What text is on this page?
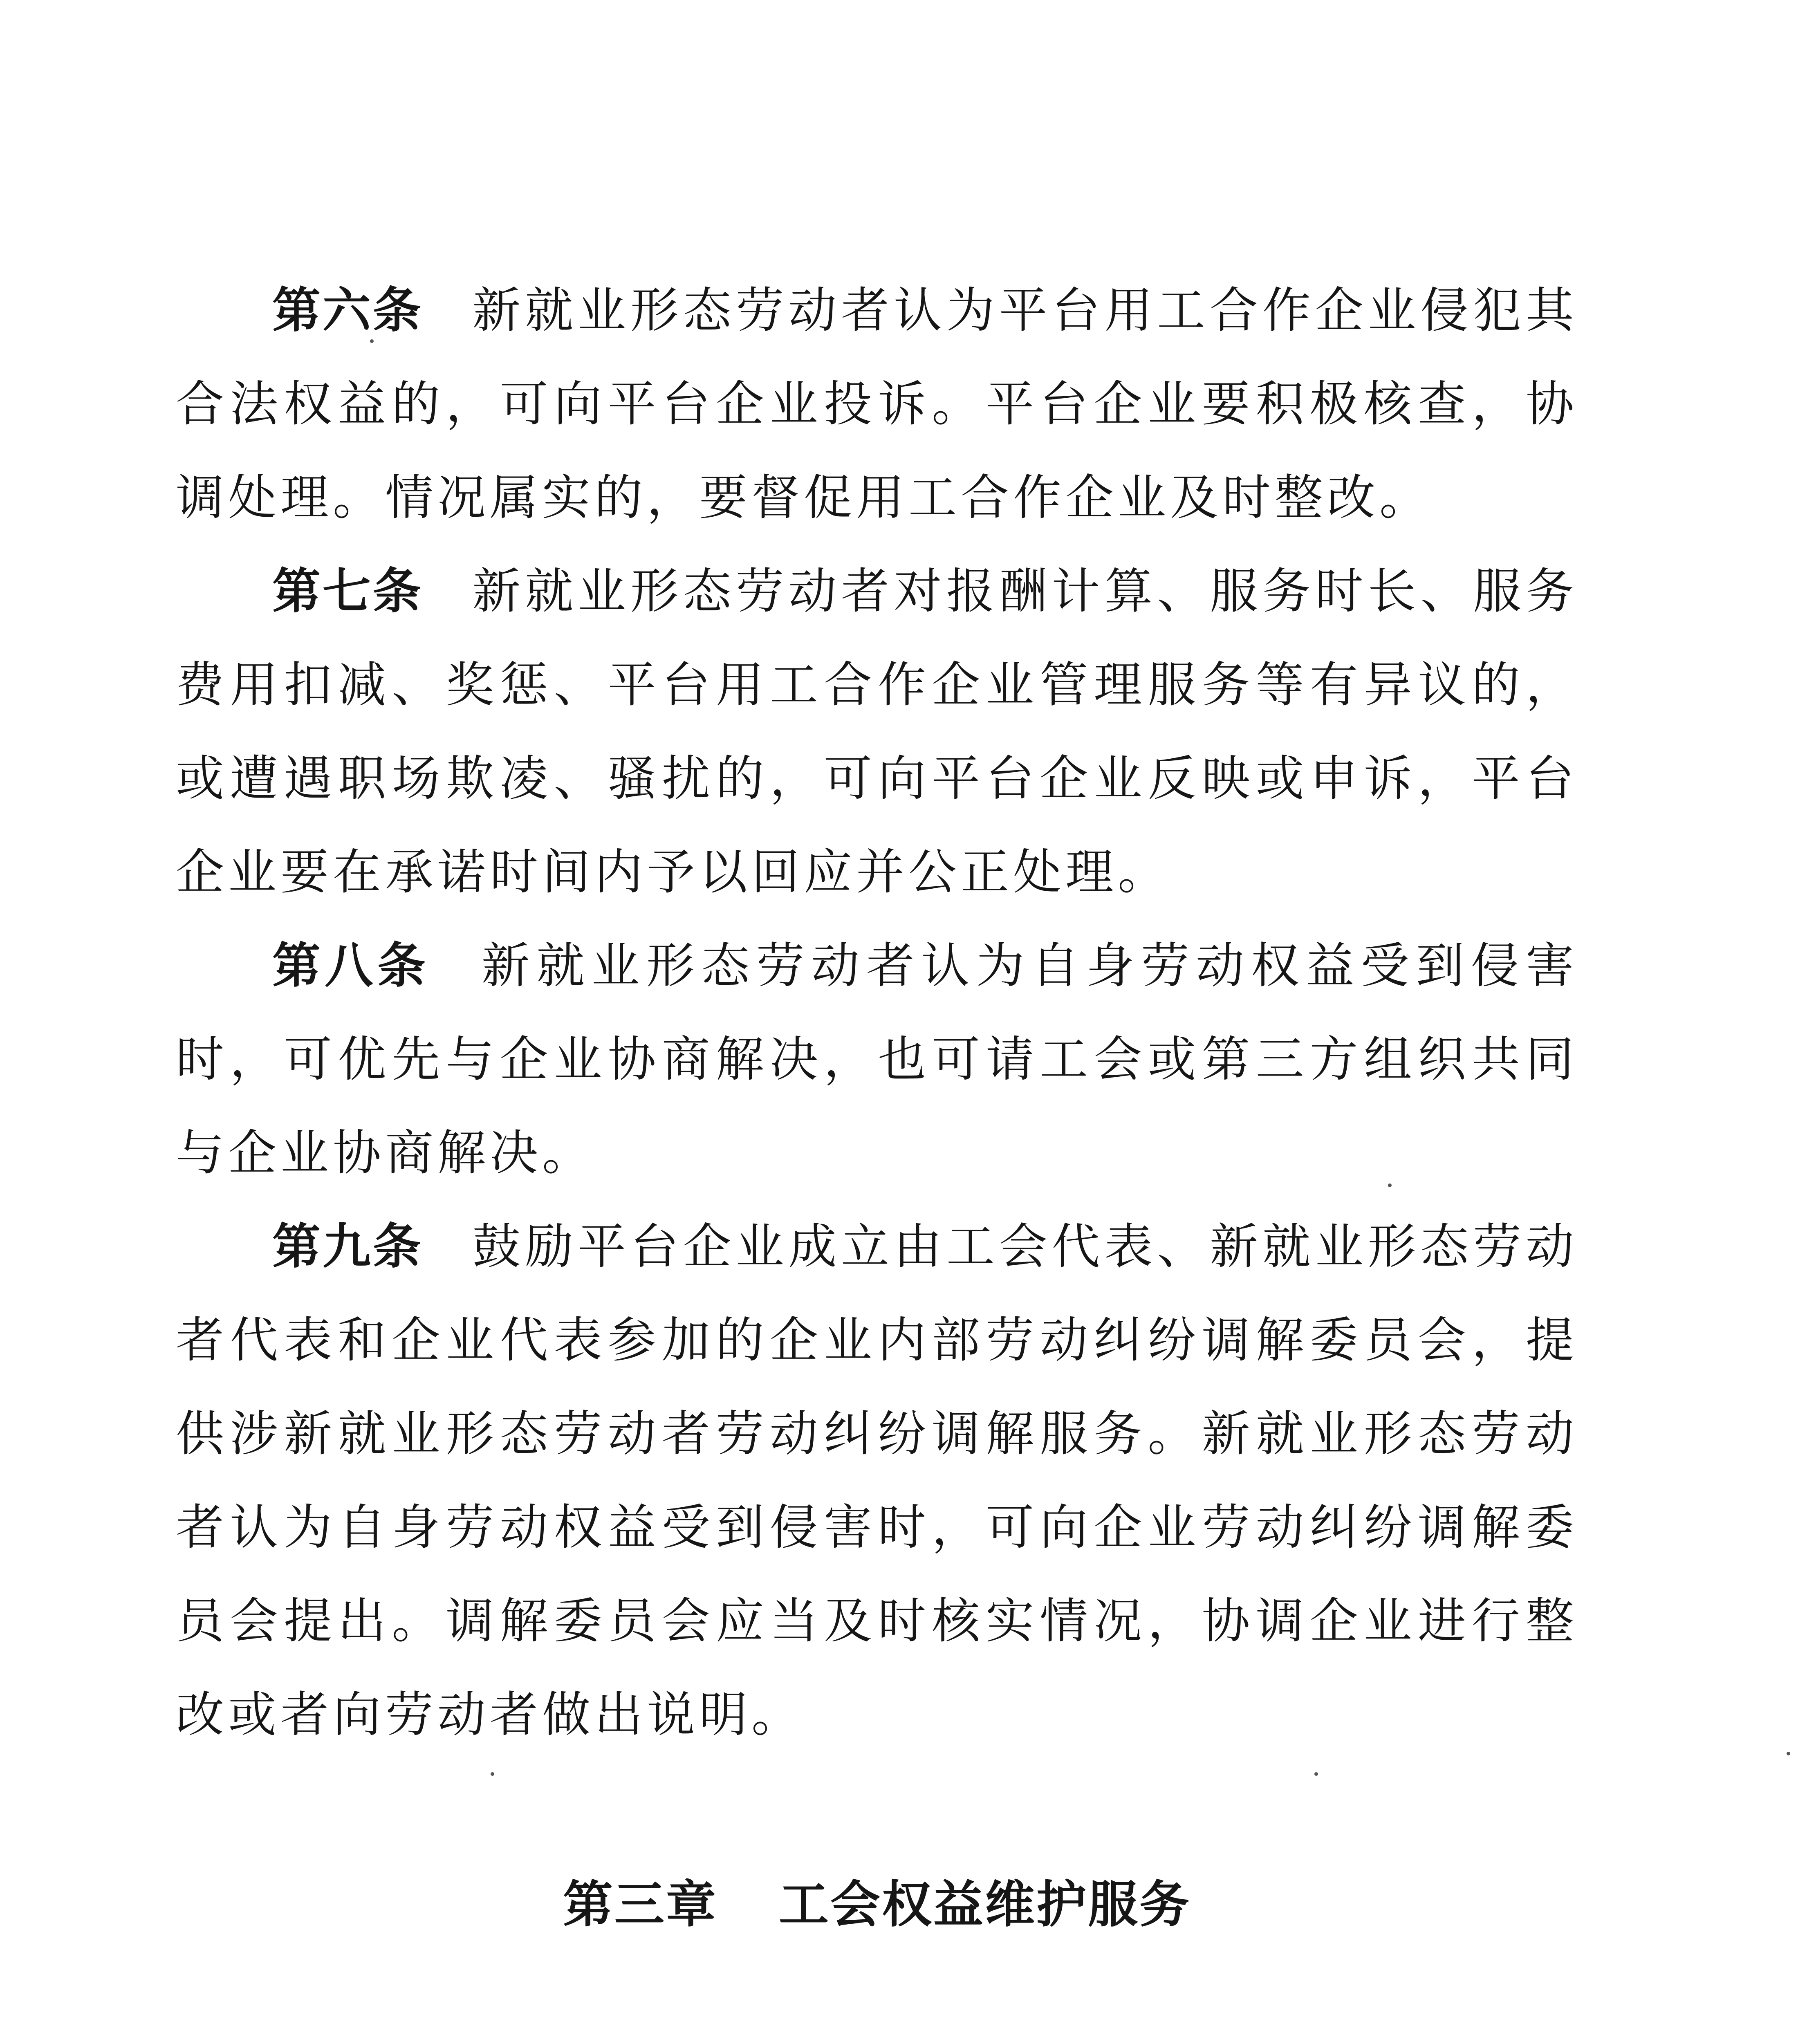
第六条 新就业形态劳动者认为平台用工合作企业侵犯其合法权益的，可向平台企业投诉。平台企业要积极核查，协调处理。情况属实的，要督促用工合作企业及时整改。

第七条 新就业形态劳动者对报酬计算、服务时长、服务费用扣减、奖惩、平台用工合作企业管理服务等有异议的，或遭遇职场欺凌、骚扰的，可向平台企业反映或申诉，平台企业要在承诺时间内予以回应并公正处理。

第八条 新就业形态劳动者认为自身劳动权益受到侵害时，可优先与企业协商解决，也可请工会或第三方组织共同与企业协商解决。

第九条 鼓励平台企业成立由工会代表、新就业形态劳动者代表和企业代表参加的企业内部劳动纠纷调解委员会，提供涉新就业形态劳动者劳动纠纷调解服务。新就业形态劳动者认为自身劳动权益受到侵害时，可向企业劳动纠纷调解委员会提出。调解委员会应当及时核实情况，协调企业进行整改或者向劳动者做出说明。

第三章 工会权益维护服务
